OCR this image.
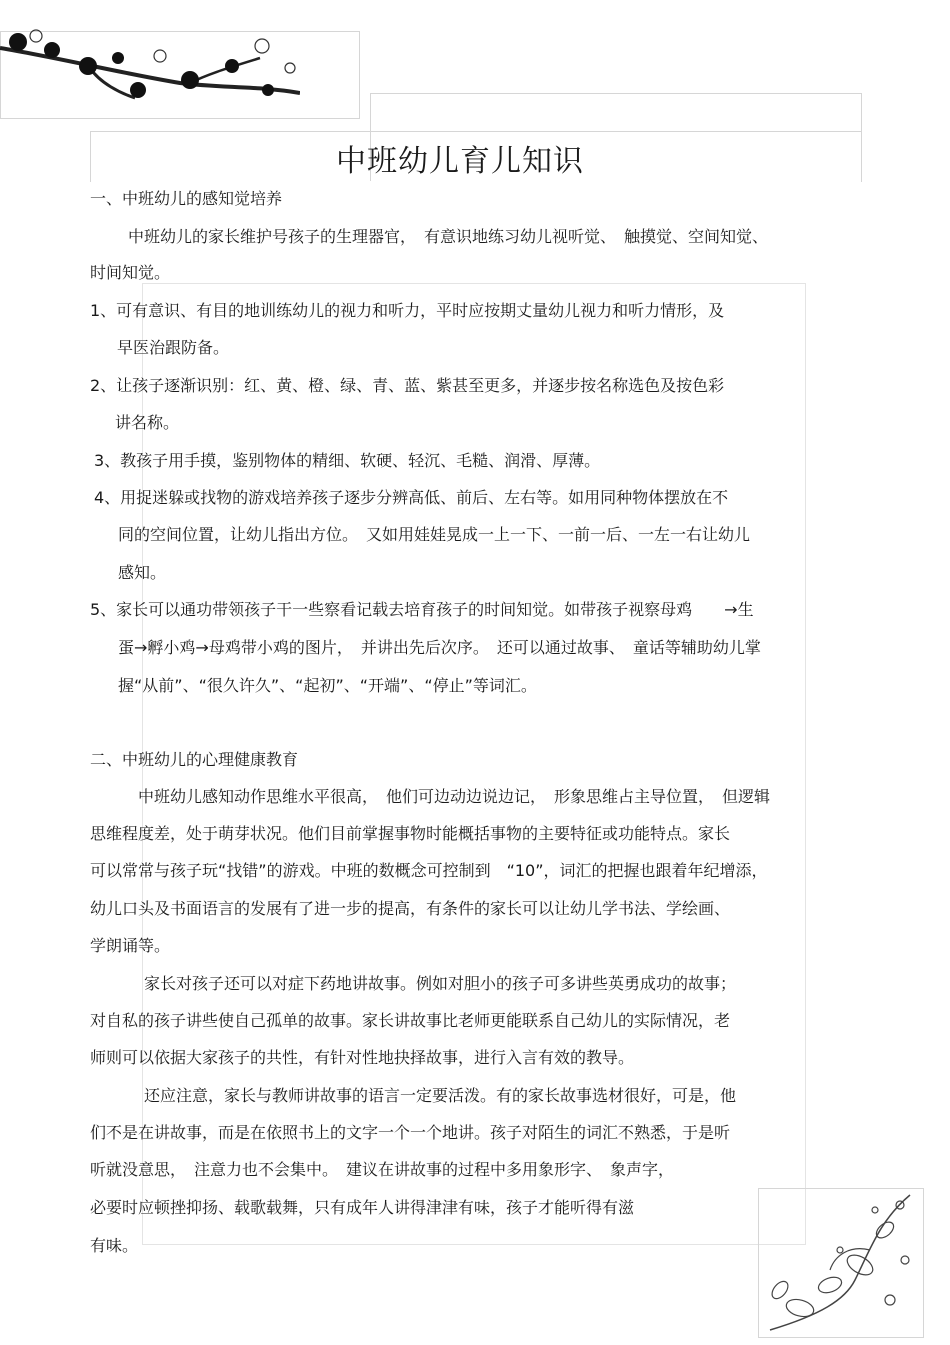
中班幼儿育儿知识
一、中班幼儿的感知觉培养
中班幼儿的家长维护号孩子的生理器官，　有意识地练习幼儿视听觉、　触摸觉、空间知觉、
时间知觉。
1、可有意识、有目的地训练幼儿的视力和听力，平时应按期丈量幼儿视力和听力情形，及
早医治跟防备。
2、让孩子逐渐识别：红、黄、橙、绿、青、蓝、紫甚至更多，并逐步按名称选色及按色彩
讲名称。
3、教孩子用手摸，鉴别物体的精细、软硬、轻沉、毛糙、润滑、厚薄。
4、用捉迷躲或找物的游戏培养孩子逐步分辨高低、前后、左右等。如用同种物体摆放在不
同的空间位置，让幼儿指出方位。　又如用娃娃晃成一上一下、一前一后、一左一右让幼儿
感知。
5、家长可以通功带领孩子干一些察看记载去培育孩子的时间知觉。如带孩子视察母鸡　　→生
蛋→孵小鸡→母鸡带小鸡的图片，　并讲出先后次序。　还可以通过故事、　童话等辅助幼儿掌
握“从前”、“很久许久”、“起初”、“开端”、“停止”等词汇。
二、中班幼儿的心理健康教育
中班幼儿感知动作思维水平很高，　他们可边动边说边记，　形象思维占主导位置，　但逻辑
思维程度差，处于萌芽状况。他们目前掌握事物时能概括事物的主要特征或功能特点。家长
可以常常与孩子玩“找错”的游戏。中班的数概念可控制到　“10”，词汇的把握也跟着年纪增添，
幼儿口头及书面语言的发展有了进一步的提高，有条件的家长可以让幼儿学书法、学绘画、
学朗诵等。
家长对孩子还可以对症下药地讲故事。例如对胆小的孩子可多讲些英勇成功的故事；
对自私的孩子讲些使自己孤单的故事。家长讲故事比老师更能联系自己幼儿的实际情况，老
师则可以依据大家孩子的共性，有针对性地抉择故事，进行入言有效的教导。
还应注意，家长与教师讲故事的语言一定要活泼。有的家长故事选材很好，可是，他
们不是在讲故事，而是在依照书上的文字一个一个地讲。孩子对陌生的词汇不熟悉，于是听
听就没意思，　注意力也不会集中。　建议在讲故事的过程中多用象形字、　象声字，
必要时应顿挫抑扬、载歌载舞，只有成年人讲得津津有味，孩子才能听得有滋
有味。
